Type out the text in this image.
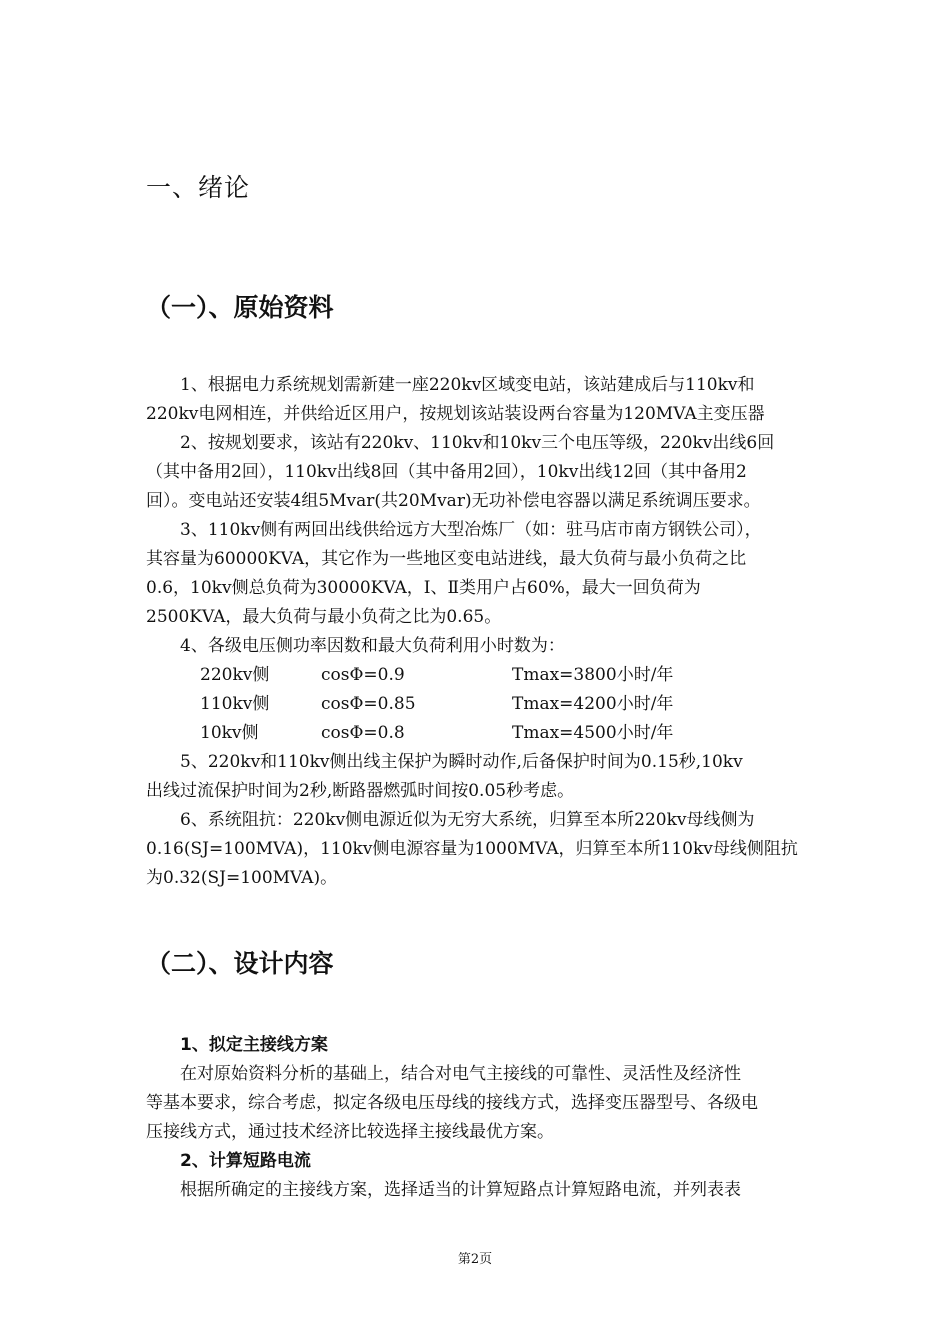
一、绪论
（一）、原始资料
1、根据电力系统规划需新建一座220kv区域变电站，该站建成后与110kv和
220kv电网相连，并供给近区用户，按规划该站装设两台容量为120MVA主变压器
2、按规划要求，该站有220kv、110kv和10kv三个电压等级，220kv出线6回
（其中备用2回），110kv出线8回（其中备用2回），10kv出线12回（其中备用2
回）。变电站还安装4组5Mvar(共20Mvar)无功补偿电容器以满足系统调压要求。
3、110kv侧有两回出线供给远方大型冶炼厂（如：驻马店市南方钢铁公司），
其容量为60000KVA，其它作为一些地区变电站进线，最大负荷与最小负荷之比
0.6，10kv侧总负荷为30000KVA，Ⅰ、Ⅱ类用户占60%，最大一回负荷为
2500KVA，最大负荷与最小负荷之比为0.65。
4、各级电压侧功率因数和最大负荷利用小时数为：
220kv侧	cosΦ=0.9	Tmax=3800小时/年
110kv侧	cosΦ=0.85	Tmax=4200小时/年
10kv侧	cosΦ=0.8	Tmax=4500小时/年
5、220kv和110kv侧出线主保护为瞬时动作,后备保护时间为0.15秒,10kv
出线过流保护时间为2秒,断路器燃弧时间按0.05秒考虑。
6、系统阻抗：220kv侧电源近似为无穷大系统，归算至本所220kv母线侧为
0.16(SJ=100MVA)，110kv侧电源容量为1000MVA，归算至本所110kv母线侧阻抗
为0.32(SJ=100MVA)。
（二）、设计内容
1、拟定主接线方案
在对原始资料分析的基础上，结合对电气主接线的可靠性、灵活性及经济性
等基本要求，综合考虑，拟定各级电压母线的接线方式，选择变压器型号、各级电
压接线方式，通过技术经济比较选择主接线最优方案。
2、计算短路电流
根据所确定的主接线方案，选择适当的计算短路点计算短路电流，并列表表
第2页
